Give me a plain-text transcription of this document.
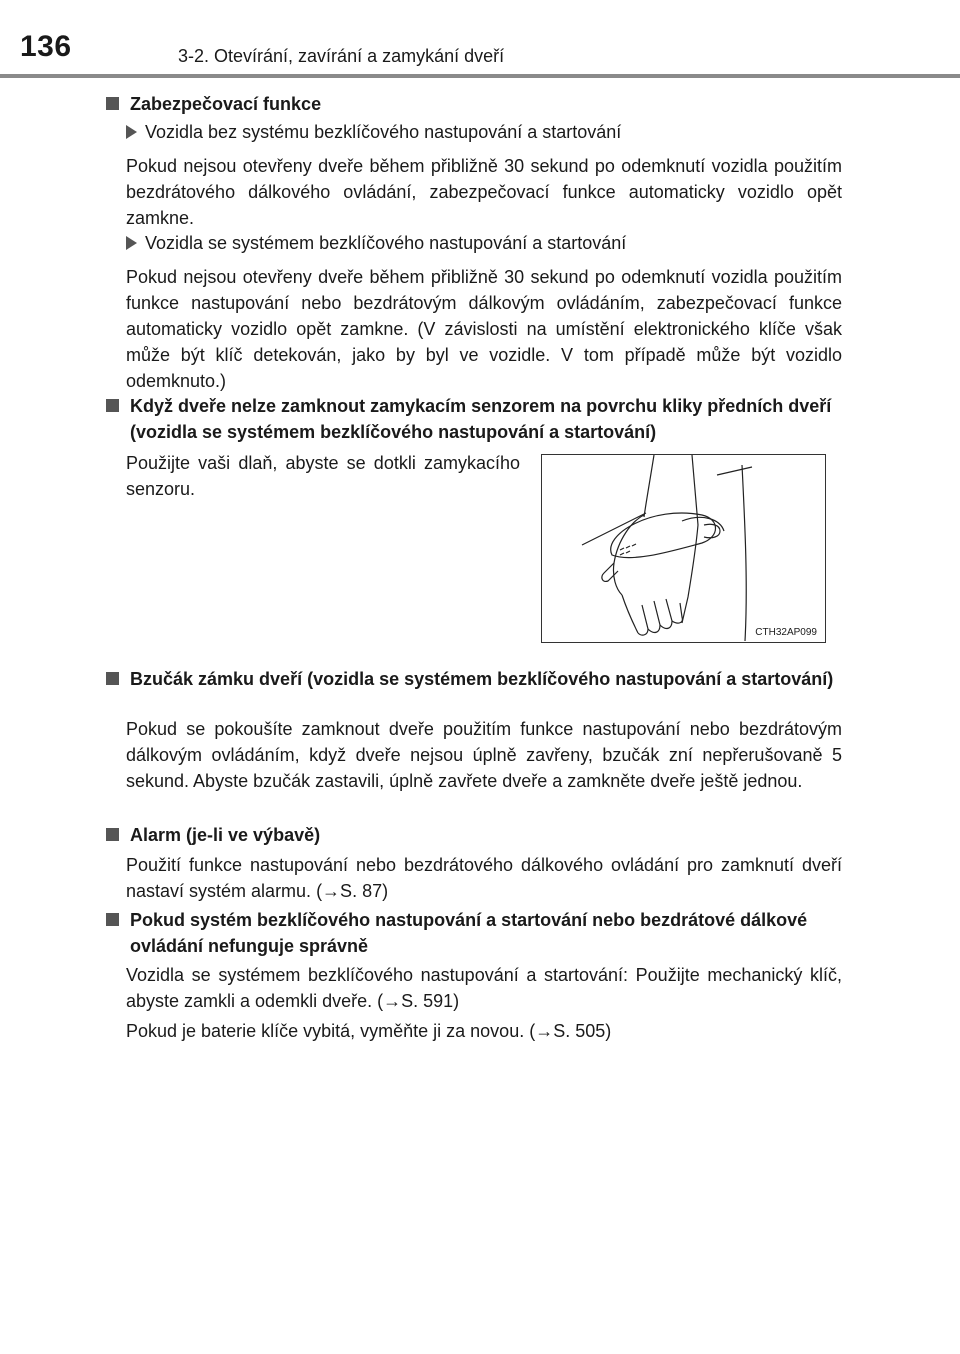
136	3-2. Otevírání, zavírání a zamykání dveří
Zabezpečovací funkce
Vozidla bez systému bezklíčového nastupování a startování
Pokud nejsou otevřeny dveře během přibližně 30 sekund po odemknutí vozidla použitím bezdrátového dálkového ovládání, zabezpečovací funkce automaticky vozidlo opět zamkne.
Vozidla se systémem bezklíčového nastupování a startování
Pokud nejsou otevřeny dveře během přibližně 30 sekund po odemknutí vozidla použitím funkce nastupování nebo bezdrátovým dálkovým ovládáním, zabezpečovací funkce automaticky vozidlo opět zamkne. (V závislosti na umístění elektronického klíče však může být klíč detekován, jako by byl ve vozidle. V tom případě může být vozidlo odemknuto.)
Když dveře nelze zamknout zamykacím senzorem na povrchu kliky předních dveří (vozidla se systémem bezklíčového nastupování a startování)
Použijte vaši dlaň, abyste se dotkli zamykacího senzoru.
CTH32AP099
Bzučák zámku dveří (vozidla se systémem bezklíčového nastupování a startování)
Pokud se pokoušíte zamknout dveře použitím funkce nastupování nebo bezdrátovým dálkovým ovládáním, když dveře nejsou úplně zavřeny, bzučák zní nepřerušovaně 5 sekund. Abyste bzučák zastavili, úplně zavřete dveře a zamkněte dveře ještě jednou.
Alarm (je-li ve výbavě)
Použití funkce nastupování nebo bezdrátového dálkového ovládání pro zamknutí dveří nastaví systém alarmu. (→S. 87)
Pokud systém bezklíčového nastupování a startování nebo bezdrátové dálkové ovládání nefunguje správně
Vozidla se systémem bezklíčového nastupování a startování: Použijte mechanický klíč, abyste zamkli a odemkli dveře. (→S. 591)
Pokud je baterie klíče vybitá, vyměňte ji za novou. (→S. 505)
